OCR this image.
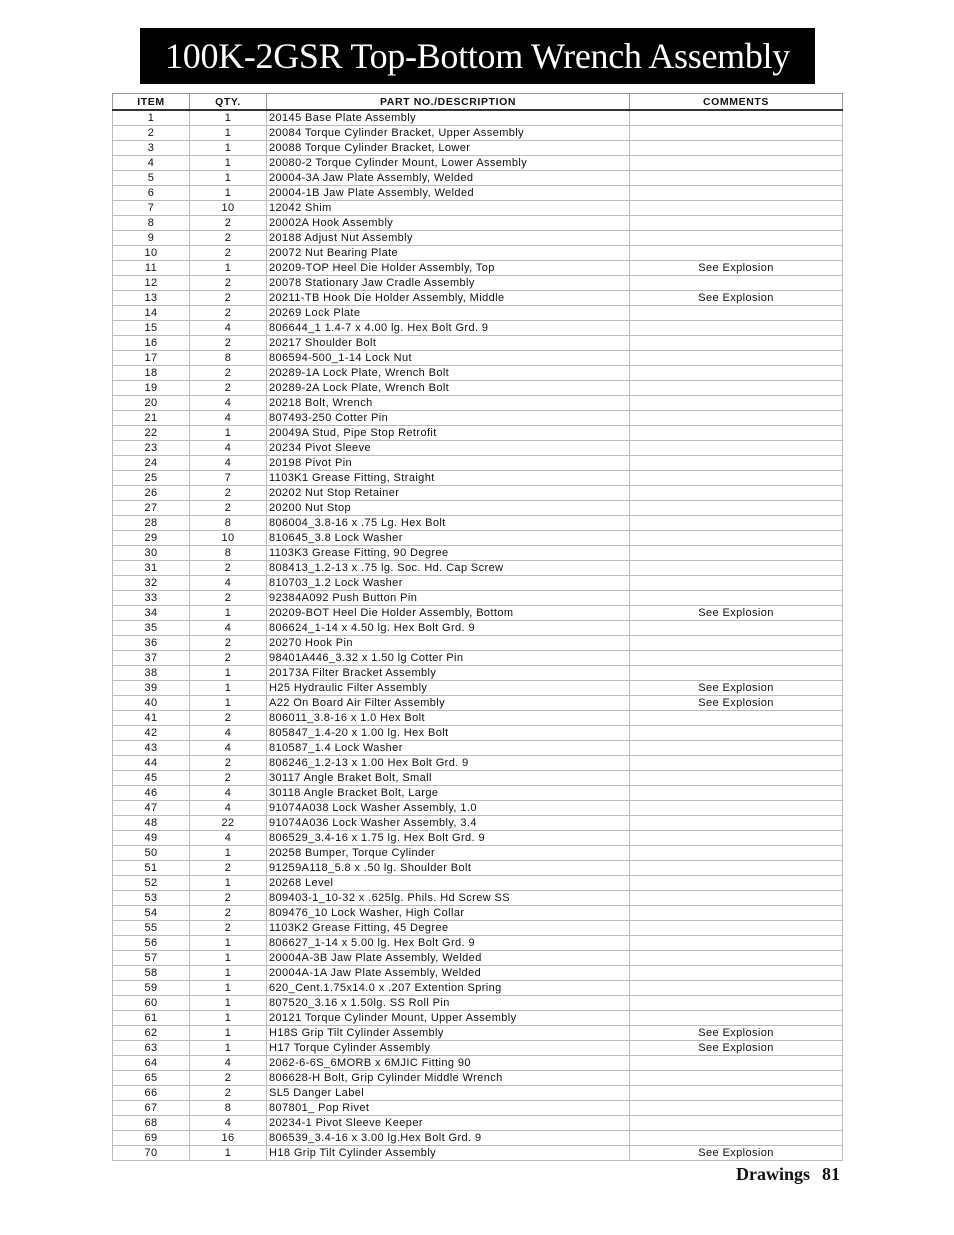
100K-2GSR Top-Bottom Wrench Assembly
ITEM	QTY.	PART NO./DESCRIPTION	COMMENTS
1	1	20145 Base Plate Assembly	
2	1	20084 Torque Cylinder Bracket, Upper Assembly	
3	1	20088 Torque Cylinder Bracket, Lower	
4	1	20080-2 Torque Cylinder Mount, Lower Assembly	
5	1	20004-3A Jaw Plate Assembly, Welded	
6	1	20004-1B Jaw Plate Assembly, Welded	
7	10	12042 Shim	
8	2	20002A Hook Assembly	
9	2	20188 Adjust Nut Assembly	
10	2	20072 Nut Bearing Plate	
11	1	20209-TOP Heel Die Holder Assembly, Top	See Explosion
12	2	20078 Stationary Jaw Cradle Assembly	
13	2	20211-TB Hook Die Holder Assembly, Middle	See Explosion
14	2	20269 Lock Plate	
15	4	806644_1 1.4-7 x 4.00 lg. Hex Bolt Grd. 9	
16	2	20217 Shoulder Bolt	
17	8	806594-500_1-14 Lock Nut	
18	2	20289-1A Lock Plate, Wrench Bolt	
19	2	20289-2A Lock Plate, Wrench Bolt	
20	4	20218 Bolt, Wrench	
21	4	807493-250 Cotter Pin	
22	1	20049A Stud, Pipe Stop Retrofit	
23	4	20234 Pivot Sleeve	
24	4	20198 Pivot Pin	
25	7	1103K1 Grease Fitting, Straight	
26	2	20202 Nut Stop Retainer	
27	2	20200 Nut Stop	
28	8	806004_3.8-16 x .75 Lg. Hex Bolt	
29	10	810645_3.8 Lock Washer	
30	8	1103K3 Grease Fitting, 90 Degree	
31	2	808413_1.2-13 x .75 lg. Soc. Hd. Cap Screw	
32	4	810703_1.2 Lock Washer	
33	2	92384A092 Push Button Pin	
34	1	20209-BOT Heel Die Holder Assembly, Bottom	See Explosion
35	4	806624_1-14 x 4.50 lg. Hex Bolt Grd. 9	
36	2	20270 Hook Pin	
37	2	98401A446_3.32 x 1.50 lg Cotter Pin	
38	1	20173A Filter Bracket Assembly	
39	1	H25 Hydraulic Filter Assembly	See Explosion
40	1	A22 On Board Air Filter Assembly	See Explosion
41	2	806011_3.8-16 x 1.0 Hex Bolt	
42	4	805847_1.4-20 x 1.00 lg. Hex Bolt	
43	4	810587_1.4 Lock Washer	
44	2	806246_1.2-13 x 1.00 Hex Bolt Grd. 9	
45	2	30117 Angle Braket Bolt, Small	
46	4	30118 Angle Bracket Bolt, Large	
47	4	91074A038 Lock Washer Assembly, 1.0	
48	22	91074A036 Lock Washer Assembly, 3.4	
49	4	806529_3.4-16 x 1.75 lg. Hex Bolt Grd. 9	
50	1	20258 Bumper, Torque Cylinder	
51	2	91259A118_5.8 x .50 lg. Shoulder Bolt	
52	1	20268 Level	
53	2	809403-1_10-32 x .625lg. Phils. Hd Screw SS	
54	2	809476_10 Lock Washer, High Collar	
55	2	1103K2 Grease Fitting, 45 Degree	
56	1	806627_1-14 x 5.00 lg. Hex Bolt Grd. 9	
57	1	20004A-3B Jaw Plate Assembly, Welded	
58	1	20004A-1A Jaw Plate Assembly, Welded	
59	1	620_Cent.1.75x14.0 x .207 Extention Spring	
60	1	807520_3.16 x 1.50lg. SS Roll Pin	
61	1	20121 Torque Cylinder Mount, Upper Assembly	
62	1	H18S Grip Tilt Cylinder Assembly	See Explosion
63	1	H17 Torque Cylinder Assembly	See Explosion
64	4	2062-6-6S_6MORB x 6MJIC Fitting 90	
65	2	806628-H Bolt, Grip Cylinder Middle Wrench	
66	2	SL5 Danger Label	
67	8	807801_ Pop Rivet	
68	4	20234-1 Pivot Sleeve Keeper	
69	16	806539_3.4-16 x 3.00 lg.Hex Bolt Grd. 9	
70	1	H18 Grip Tilt Cylinder Assembly	See Explosion
Drawings 81
